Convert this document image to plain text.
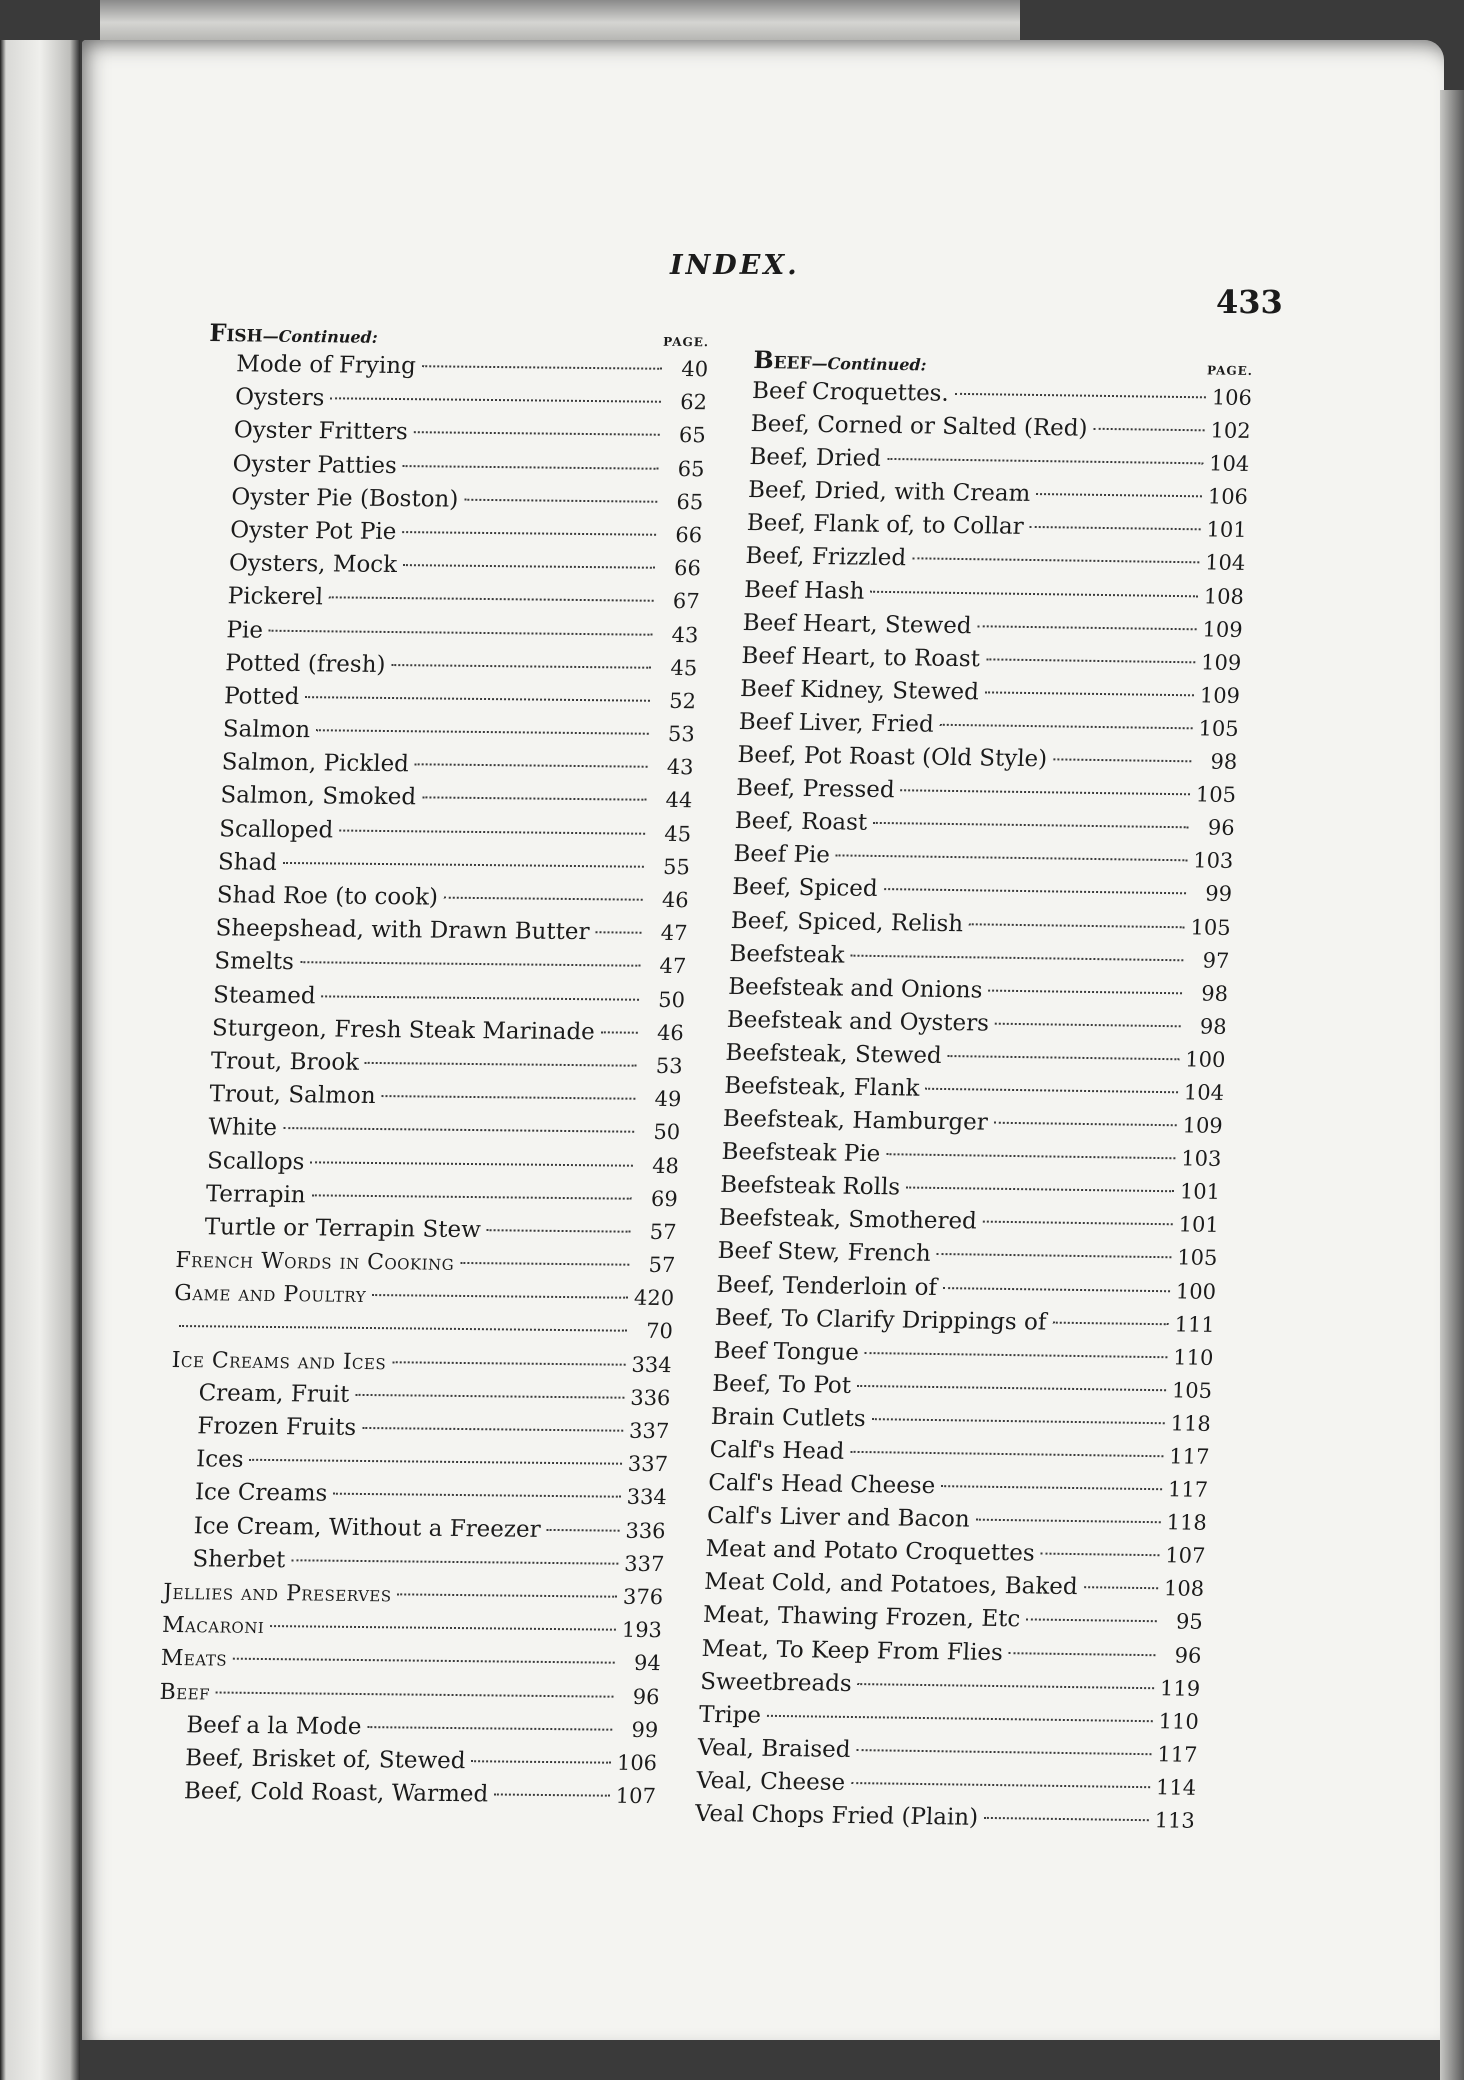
INDEX.
433
Fish—Continued:	PAGE.
Mode of Frying	40
Oysters	62
Oyster Fritters	65
Oyster Patties	65
Oyster Pie (Boston)	65
Oyster Pot Pie	66
Oysters, Mock	66
Pickerel	67
Pie	43
Potted (fresh)	45
Potted	52
Salmon	53
Salmon, Pickled	43
Salmon, Smoked	44
Scalloped	45
Shad	55
Shad Roe (to cook)	46
Sheepshead, with Drawn Butter	47
Smelts	47
Steamed	50
Sturgeon, Fresh Steak Marinade	46
Trout, Brook	53
Trout, Salmon	49
White	50
Scallops	48
Terrapin	69
Turtle or Terrapin Stew	57
French Words in Cooking	57
Game and Poultry	420
70
Ice Creams and Ices	334
Cream, Fruit	336
Frozen Fruits	337
Ices	337
Ice Creams	334
Ice Cream, Without a Freezer	336
Sherbet	337
Jellies and Preserves	376
Macaroni	193
Meats	94
Beef	96
Beef a la Mode	99
Beef, Brisket of, Stewed	106
Beef, Cold Roast, Warmed	107
Beef—Continued:	PAGE.
Beef Croquettes.	106
Beef, Corned or Salted (Red)	102
Beef, Dried	104
Beef, Dried, with Cream	106
Beef, Flank of, to Collar	101
Beef, Frizzled	104
Beef Hash	108
Beef Heart, Stewed	109
Beef Heart, to Roast	109
Beef Kidney, Stewed	109
Beef Liver, Fried	105
Beef, Pot Roast (Old Style)	98
Beef, Pressed	105
Beef, Roast	96
Beef Pie	103
Beef, Spiced	99
Beef, Spiced, Relish	105
Beefsteak	97
Beefsteak and Onions	98
Beefsteak and Oysters	98
Beefsteak, Stewed	100
Beefsteak, Flank	104
Beefsteak, Hamburger	109
Beefsteak Pie	103
Beefsteak Rolls	101
Beefsteak, Smothered	101
Beef Stew, French	105
Beef, Tenderloin of	100
Beef, To Clarify Drippings of	111
Beef Tongue	110
Beef, To Pot	105
Brain Cutlets	118
Calf's Head	117
Calf's Head Cheese	117
Calf's Liver and Bacon	118
Meat and Potato Croquettes	107
Meat Cold, and Potatoes, Baked	108
Meat, Thawing Frozen, Etc	95
Meat, To Keep From Flies	96
Sweetbreads	119
Tripe	110
Veal, Braised	117
Veal, Cheese	114
Veal Chops Fried (Plain)	113
